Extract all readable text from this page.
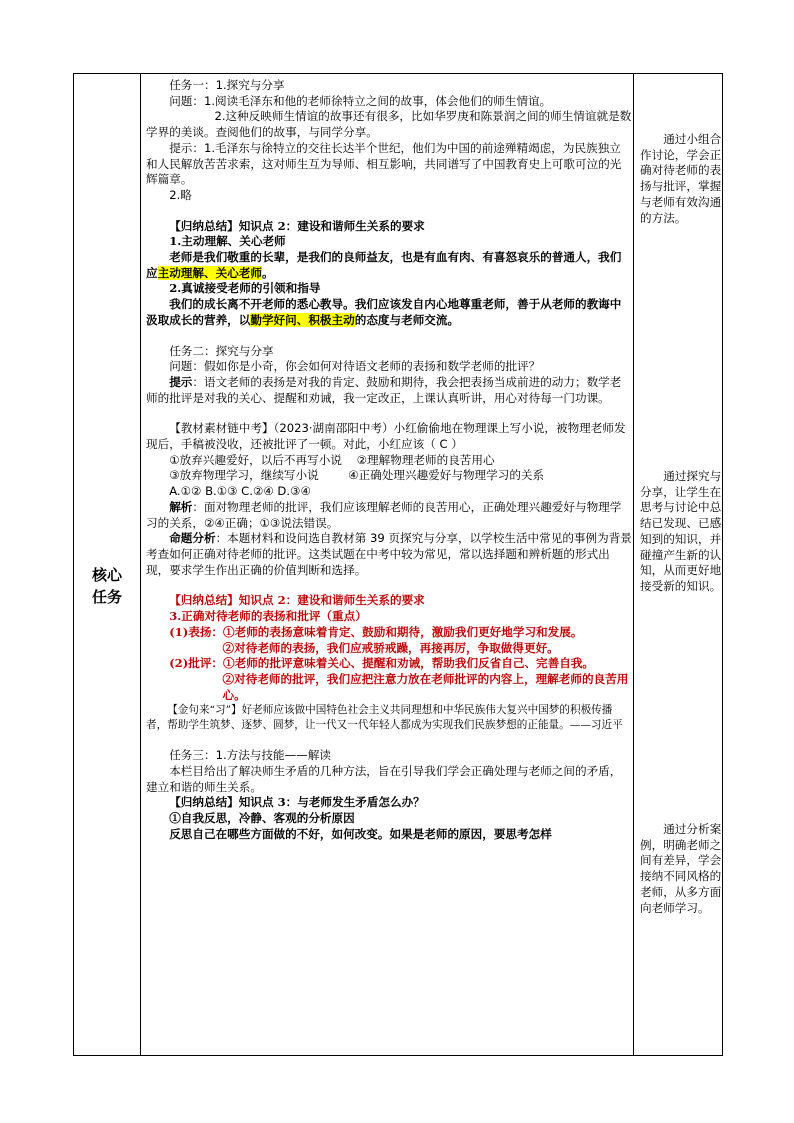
核心
任务

任务一：1.探究与分享

问题：1.阅读毛泽东和他的老师徐特立之间的故事，体会他们的师生情谊。

2.这种反映师生情谊的故事还有很多，比如华罗庚和陈景润之间的师生情谊就是数学界的美谈。查阅他们的故事，与同学分享。

提示：1.毛泽东与徐特立的交往长达半个世纪，他们为中国的前途殚精竭虑，为民族独立和人民解放苦苦求索，这对师生互为导师、相互影响，共同谱写了中国教育史上可歌可泣的光辉篇章。

2.略

【归纳总结】知识点 2：建设和谐师生关系的要求

1.主动理解、关心老师

老师是我们敬重的长辈，是我们的良师益友，也是有血有肉、有喜怒哀乐的普通人，我们应主动理解、关心老师。

2.真诚接受老师的引领和指导

我们的成长离不开老师的悉心教导。我们应该发自内心地尊重老师，善于从老师的教诲中汲取成长的营养，以勤学好问、积极主动的态度与老师交流。

任务二：探究与分享

问题：假如你是小奇，你会如何对待语文老师的表扬和数学老师的批评？

提示：语文老师的表扬是对我的肯定、鼓励和期待，我会把表扬当成前进的动力；数学老师的批评是对我的关心、提醒和劝诫，我一定改正，上课认真听讲，用心对待每一门功课。

【教材素材链中考】（2023·湖南邵阳中考）小红偷偷地在物理课上写小说，被物理老师发现后，手稿被没收，还被批评了一顿。对此，小红应该（ C ）

①放弃兴趣爱好，以后不再写小说 ②理解物理老师的良苦用心

③放弃物理学习，继续写小说	④正确处理兴趣爱好与物理学习的关系

A.①② B.①③ C.②④ D.③④

解析：面对物理老师的批评，我们应该理解老师的良苦用心，正确处理兴趣爱好与物理学习的关系，②④正确；①③说法错误。

命题分析：本题材料和设问选自教材第 39 页探究与分享，以学校生活中常见的事例为背景考查如何正确对待老师的批评。这类试题在中考中较为常见，常以选择题和辨析题的形式出现，要求学生作出正确的价值判断和选择。

【归纳总结】知识点 2：建设和谐师生关系的要求

3.正确对待老师的表扬和批评（重点）

(1)表扬：①老师的表扬意味着肯定、鼓励和期待，激励我们更好地学习和发展。

②对待老师的表扬，我们应戒骄戒躁，再接再厉，争取做得更好。

(2)批评：①老师的批评意味着关心、提醒和劝诫，帮助我们反省自己、完善自我。

②对待老师的批评，我们应把注意力放在老师批评的内容上，理解老师的良苦用心。

【金句来“习”】好老师应该做中国特色社会主义共同理想和中华民族伟大复兴中国梦的积极传播者，帮助学生筑梦、逐梦、圆梦，让一代又一代年轻人都成为实现我们民族梦想的正能量。——习近平

任务三：1.方法与技能——解读

本栏目给出了解决师生矛盾的几种方法，旨在引导我们学会正确处理与老师之间的矛盾，建立和谐的师生关系。

【归纳总结】知识点 3：与老师发生矛盾怎么办？

①自我反思，冷静、客观的分析原因

反思自己在哪些方面做的不好，如何改变。如果是老师的原因，要思考怎样

通过小组合作讨论，学会正确对待老师的表扬与批评，掌握与老师有效沟通的方法。

通过探究与分享，让学生在思考与讨论中总结已发现、已感知到的知识，并碰撞产生新的认知，从而更好地接受新的知识。

通过分析案例，明确老师之间有差异，学会接纳不同风格的老师，从多方面向老师学习。
